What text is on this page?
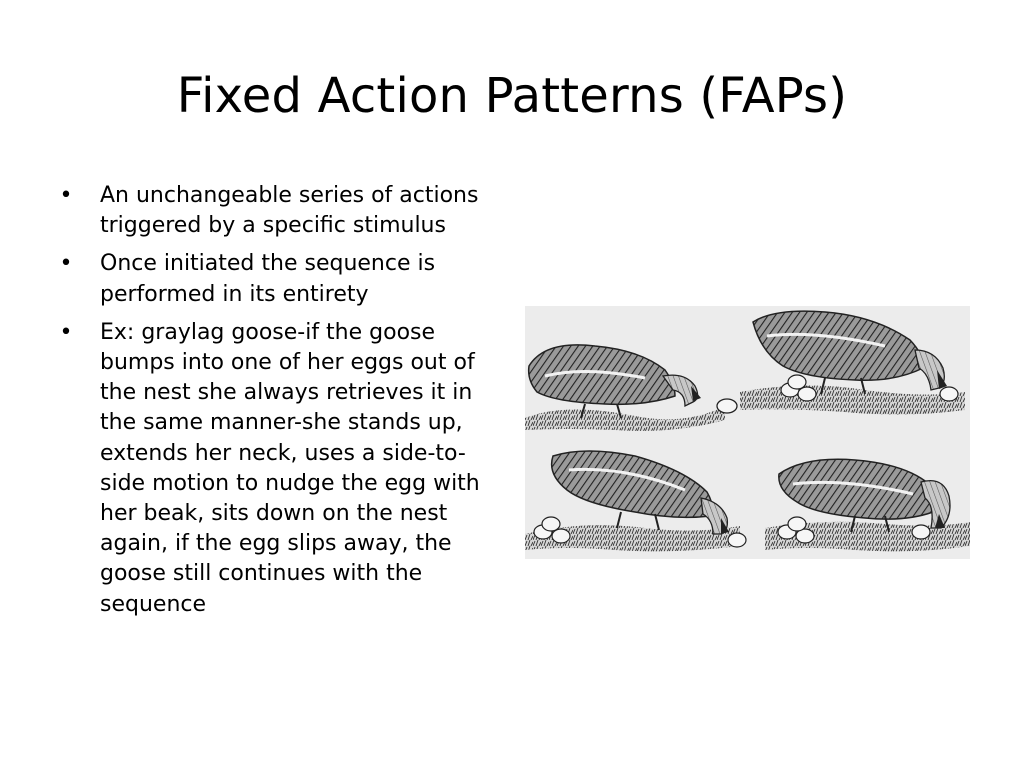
Fixed Action Patterns (FAPs)
• An unchangeable series of actions triggered by a specific stimulus
• Once initiated the sequence is performed in its entirety
• Ex: graylag goose-if the goose bumps into one of her eggs out of the nest she always retrieves it in the same manner-she stands up, extends her neck, uses a side-to-side motion to nudge the egg with her beak, sits down on the nest again, if the egg slips away, the goose still continues with the sequence
